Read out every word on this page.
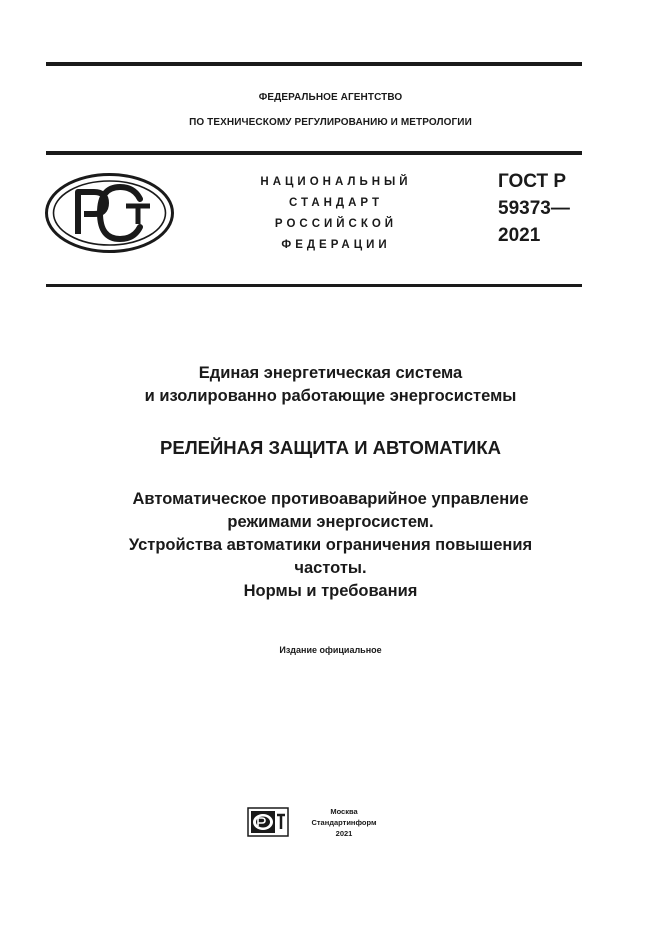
ФЕДЕРАЛЬНОЕ АГЕНТСТВО
ПО ТЕХНИЧЕСКОМУ РЕГУЛИРОВАНИЮ И МЕТРОЛОГИИ
НАЦИОНАЛЬНЫЙ
СТАНДАРТ
РОССИЙСКОЙ
ФЕДЕРАЦИИ
ГОСТ Р
59373—
2021
Единая энергетическая система
и изолированно работающие энергосистемы
РЕЛЕЙНАЯ ЗАЩИТА И АВТОМАТИКА
Автоматическое противоаварийное управление
режимами энергосистем.
Устройства автоматики ограничения повышения
частоты.
Нормы и требования
Издание официальное
Москва
Стандартинформ
2021
